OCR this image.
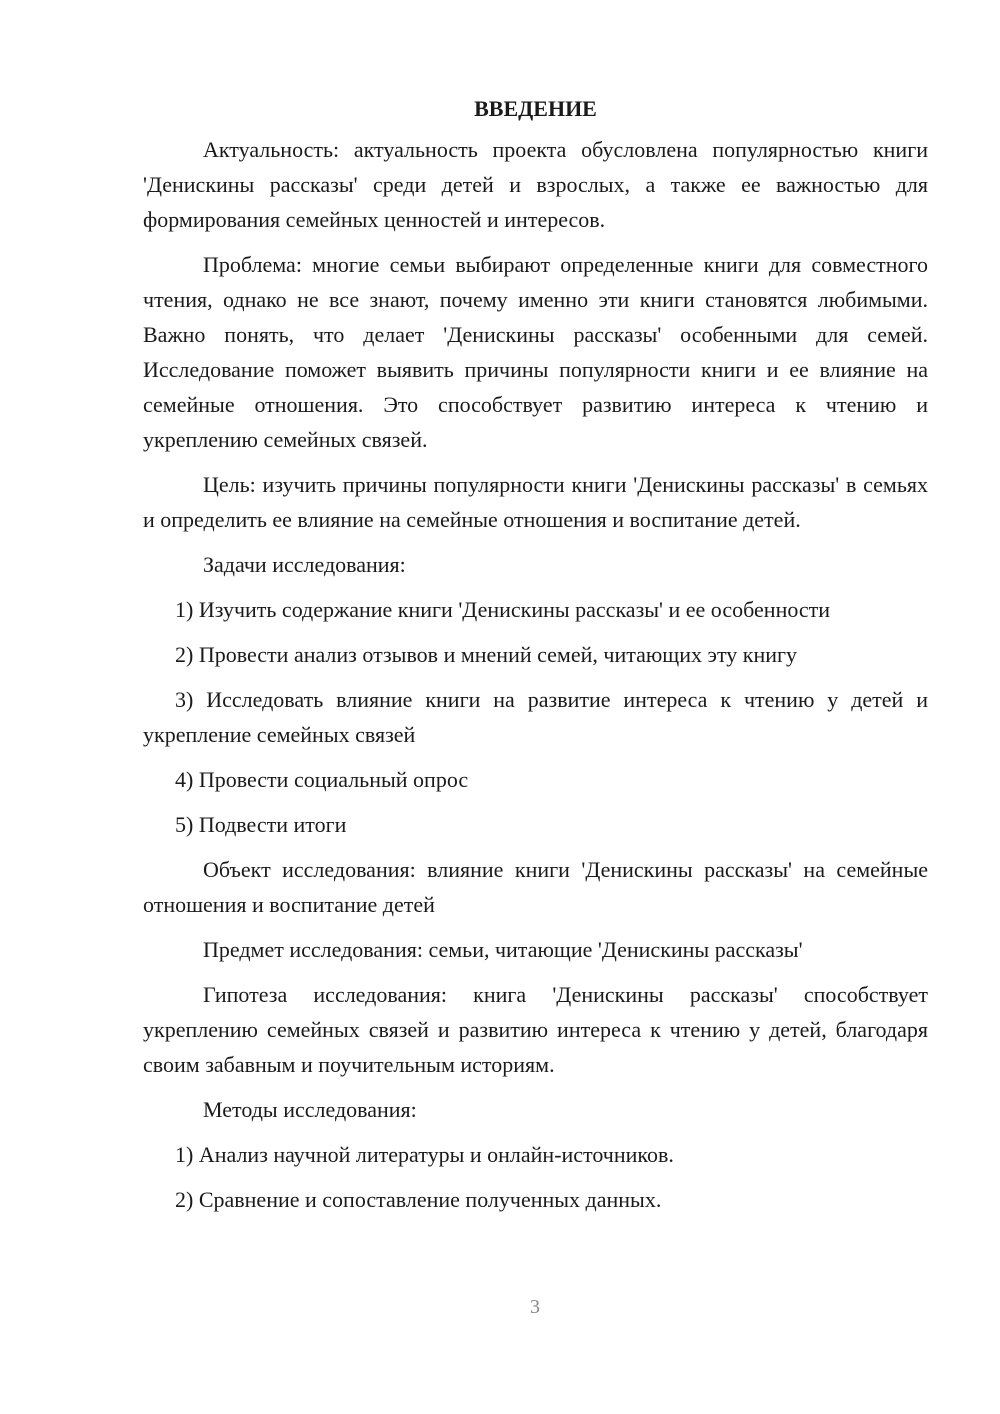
ВВЕДЕНИЕ

Актуальность: актуальность проекта обусловлена популярностью книги 'Денискины рассказы' среди детей и взрослых, а также ее важностью для формирования семейных ценностей и интересов.

Проблема: многие семьи выбирают определенные книги для совместного чтения, однако не все знают, почему именно эти книги становятся любимыми. Важно понять, что делает 'Денискины рассказы' особенными для семей. Исследование поможет выявить причины популярности книги и ее влияние на семейные отношения. Это способствует развитию интереса к чтению и укреплению семейных связей.

Цель: изучить причины популярности книги 'Денискины рассказы' в семьях и определить ее влияние на семейные отношения и воспитание детей.

Задачи исследования:

1) Изучить содержание книги 'Денискины рассказы' и ее особенности

2) Провести анализ отзывов и мнений семей, читающих эту книгу

3) Исследовать влияние книги на развитие интереса к чтению у детей и укрепление семейных связей

4) Провести социальный опрос

5) Подвести итоги

Объект исследования: влияние книги 'Денискины рассказы' на семейные отношения и воспитание детей

Предмет исследования: семьи, читающие 'Денискины рассказы'

Гипотеза исследования: книга 'Денискины рассказы' способствует укреплению семейных связей и развитию интереса к чтению у детей, благодаря своим забавным и поучительным историям.

Методы исследования:

1) Анализ научной литературы и онлайн-источников.

2) Сравнение и сопоставление полученных данных.

3
